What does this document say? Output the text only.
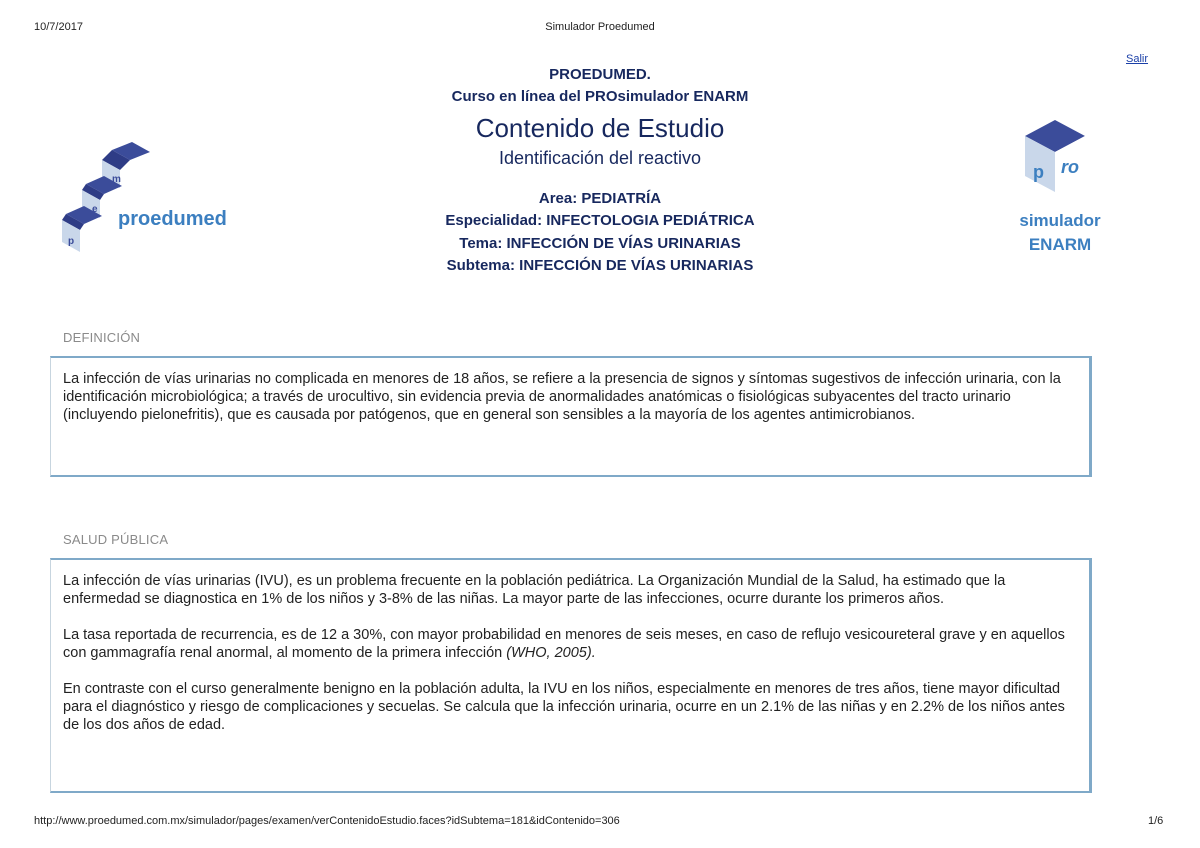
10/7/2017	Simulador Proedumed
Salir
m
e
p
proedumed
p ro
simulador
ENARM
PROEDUMED.
Curso en línea del PROsimulador ENARM
Contenido de Estudio
Identificación del reactivo
Area: PEDIATRÍA
Especialidad: INFECTOLOGIA PEDIÁTRICA
Tema: INFECCIÓN DE VÍAS URINARIAS
Subtema: INFECCIÓN DE VÍAS URINARIAS
DEFINICIÓN

La infección de vías urinarias no complicada en menores de 18 años, se refiere a la presencia de signos y síntomas sugestivos de infección urinaria, con la identificación microbiológica; a través de urocultivo, sin evidencia previa de anormalidades anatómicas o fisiológicas subyacentes del tracto urinario (incluyendo pielonefritis), que es causada por patógenos, que en general son sensibles a la mayoría de los agentes antimicrobianos.

SALUD PÚBLICA

La infección de vías urinarias (IVU), es un problema frecuente en la población pediátrica. La Organización Mundial de la Salud, ha estimado que la enfermedad se diagnostica en 1% de los niños y 3-8% de las niñas. La mayor parte de las infecciones, ocurre durante los primeros años.

La tasa reportada de recurrencia, es de 12 a 30%, con mayor probabilidad en menores de seis meses, en caso de reflujo vesicoureteral grave y en aquellos con gammagrafía renal anormal, al momento de la primera infección (WHO, 2005).

En contraste con el curso generalmente benigno en la población adulta, la IVU en los niños, especialmente en menores de tres años, tiene mayor dificultad para el diagnóstico y riesgo de complicaciones y secuelas. Se calcula que la infección urinaria, ocurre en un 2.1% de las niñas y en 2.2% de los niños antes de los dos años de edad.

http://www.proedumed.com.mx/simulador/pages/examen/verContenidoEstudio.faces?idSubtema=181&idContenido=306	1/6
